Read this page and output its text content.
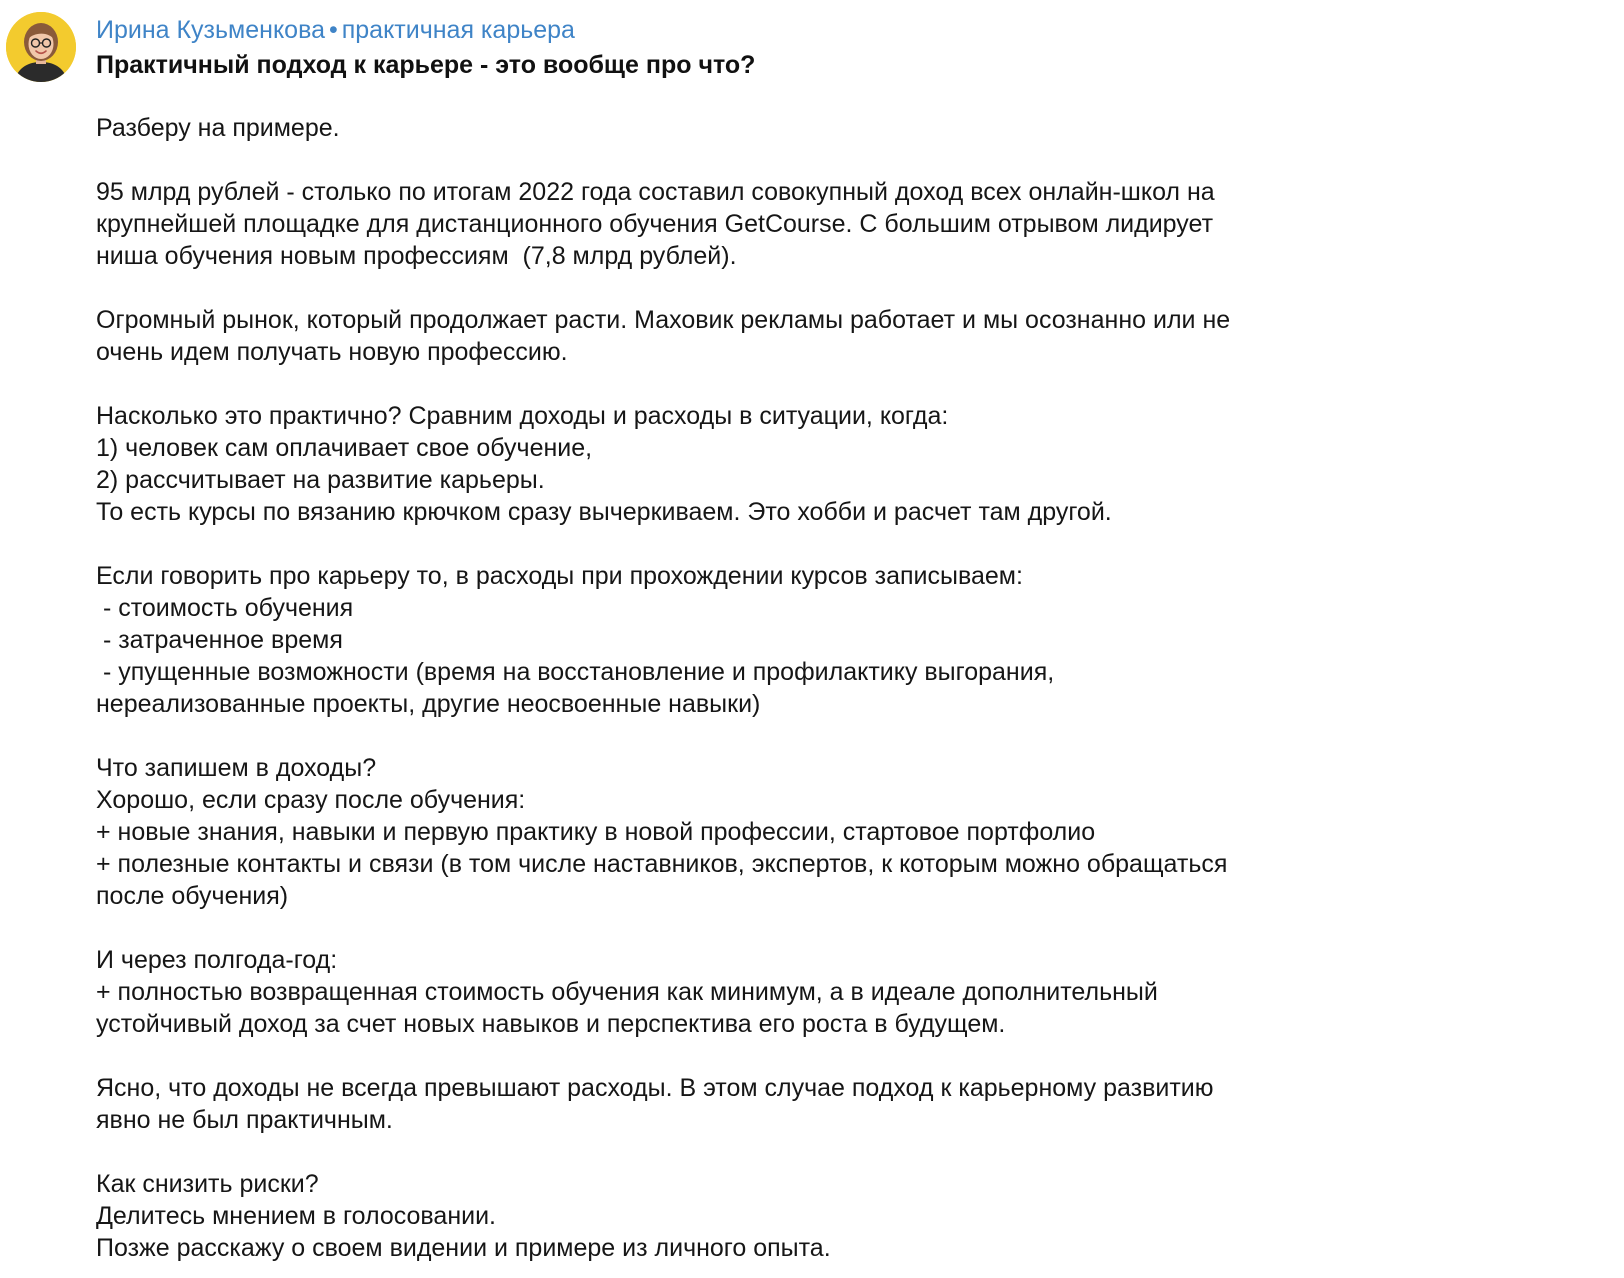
Ирина Кузьменкова • практичная карьера
Практичный подход к карьере - это вообще про что?
Разберу на примере.
95 млрд рублей - столько по итогам 2022 года составил совокупный доход всех онлайн-школ на
крупнейшей площадке для дистанционного обучения GetCourse. С большим отрывом лидирует
ниша обучения новым профессиям  (7,8 млрд рублей).
Огромный рынок, который продолжает расти. Маховик рекламы работает и мы осознанно или не
очень идем получать новую профессию.
Насколько это практично? Сравним доходы и расходы в ситуации, когда:
1) человек сам оплачивает свое обучение,
2) рассчитывает на развитие карьеры.
То есть курсы по вязанию крючком сразу вычеркиваем. Это хобби и расчет там другой.
Если говорить про карьеру то, в расходы при прохождении курсов записываем:
- стоимость обучения
- затраченное время
- упущенные возможности (время на восстановление и профилактику выгорания,
нереализованные проекты, другие неосвоенные навыки)
Что запишем в доходы?
Хорошо, если сразу после обучения:
+ новые знания, навыки и первую практику в новой профессии, стартовое портфолио
+ полезные контакты и связи (в том числе наставников, экспертов, к которым можно обращаться
после обучения)
И через полгода-год:
+ полностью возвращенная стоимость обучения как минимум, а в идеале дополнительный
устойчивый доход за счет новых навыков и перспектива его роста в будущем.
Ясно, что доходы не всегда превышают расходы. В этом случае подход к карьерному развитию
явно не был практичным.
Как снизить риски?
Делитесь мнением в голосовании.
Позже расскажу о своем видении и примере из личного опыта.
